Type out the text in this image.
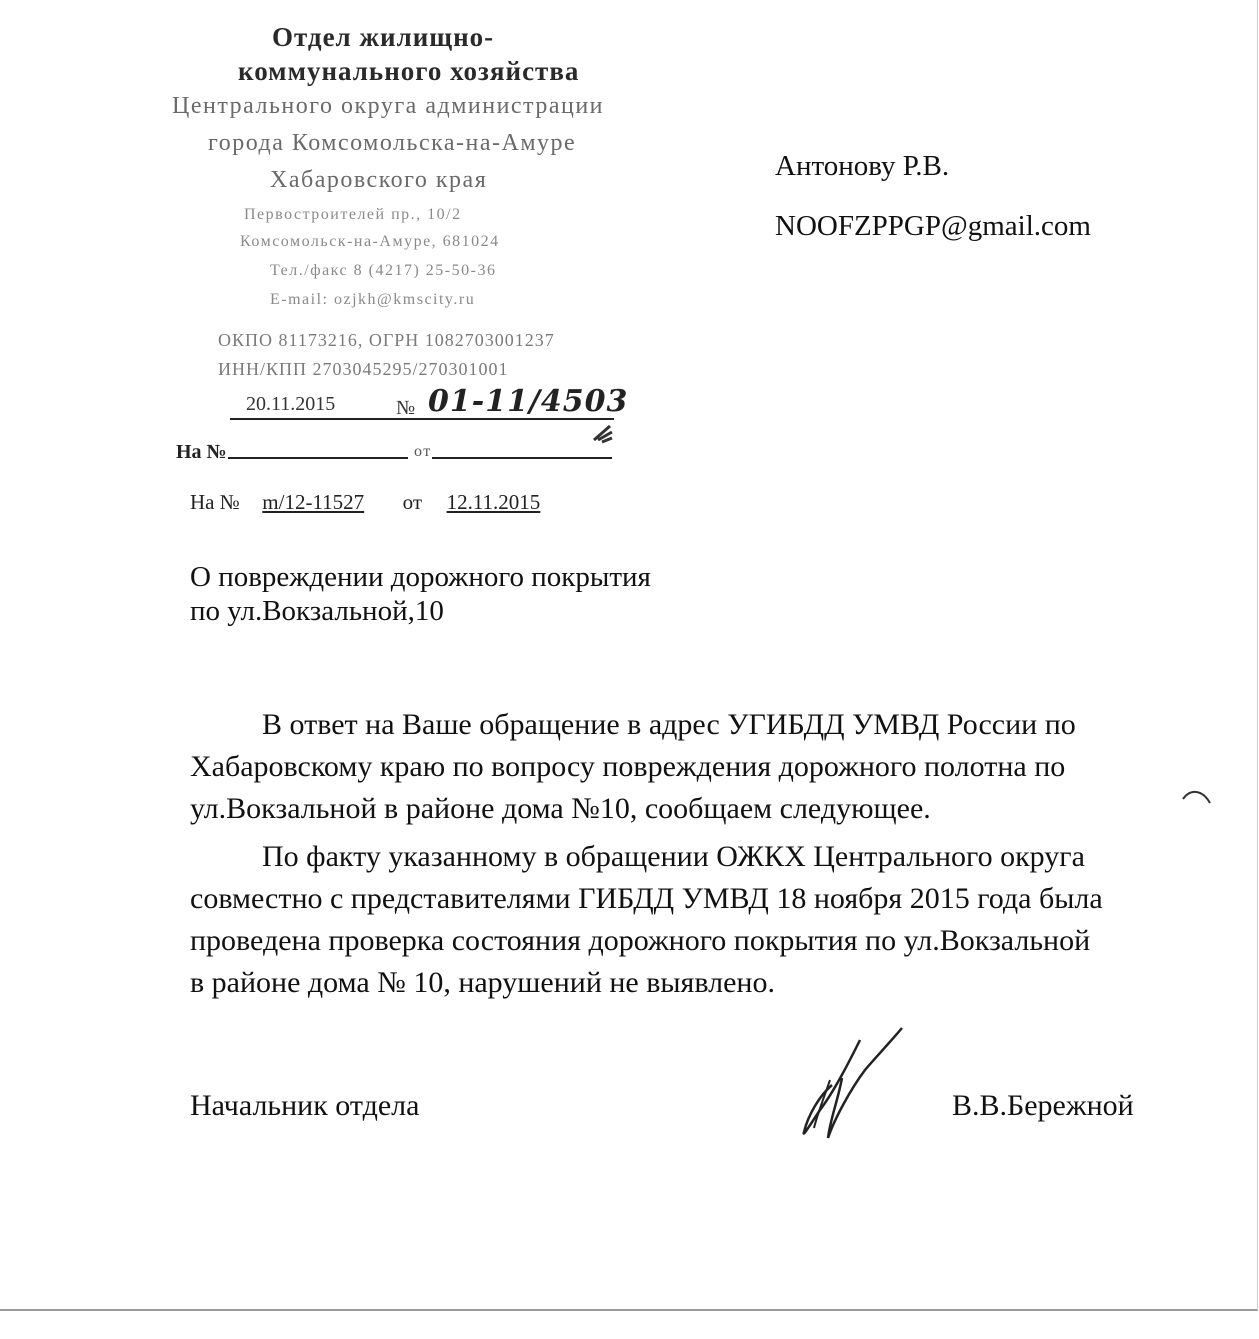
Отдел жилищно-
коммунального хозяйства
Центрального округа администрации
города Комсомольска-на-Амуре
Хабаровского края
Первостроителей пр., 10/2
Комсомольск-на-Амуре, 681024
Тел./факс 8 (4217) 25-50-36
E-mail: ozjkh@kmscity.ru
ОКПО 81173216, ОГРН 1082703001237
ИНН/КПП 2703045295/270301001
20.11.2015	№ 01-11/4503
На №	от
Антонову Р.В.
NOOFZPPGP@gmail.com
На № m/12-11527 от 12.11.2015
О повреждении дорожного покрытия
по ул.Вокзальной,10
В ответ на Ваше обращение в адрес УГИБДД УМВД России по Хабаровскому краю по вопросу повреждения дорожного полотна по ул.Вокзальной в районе дома №10, сообщаем следующее.
По факту указанному в обращении ОЖКХ Центрального округа совместно с представителями ГИБДД УМВД 18 ноября 2015 года была проведена проверка состояния дорожного покрытия по ул.Вокзальной в районе дома № 10, нарушений не выявлено.
Начальник отдела	В.В.Бережной
